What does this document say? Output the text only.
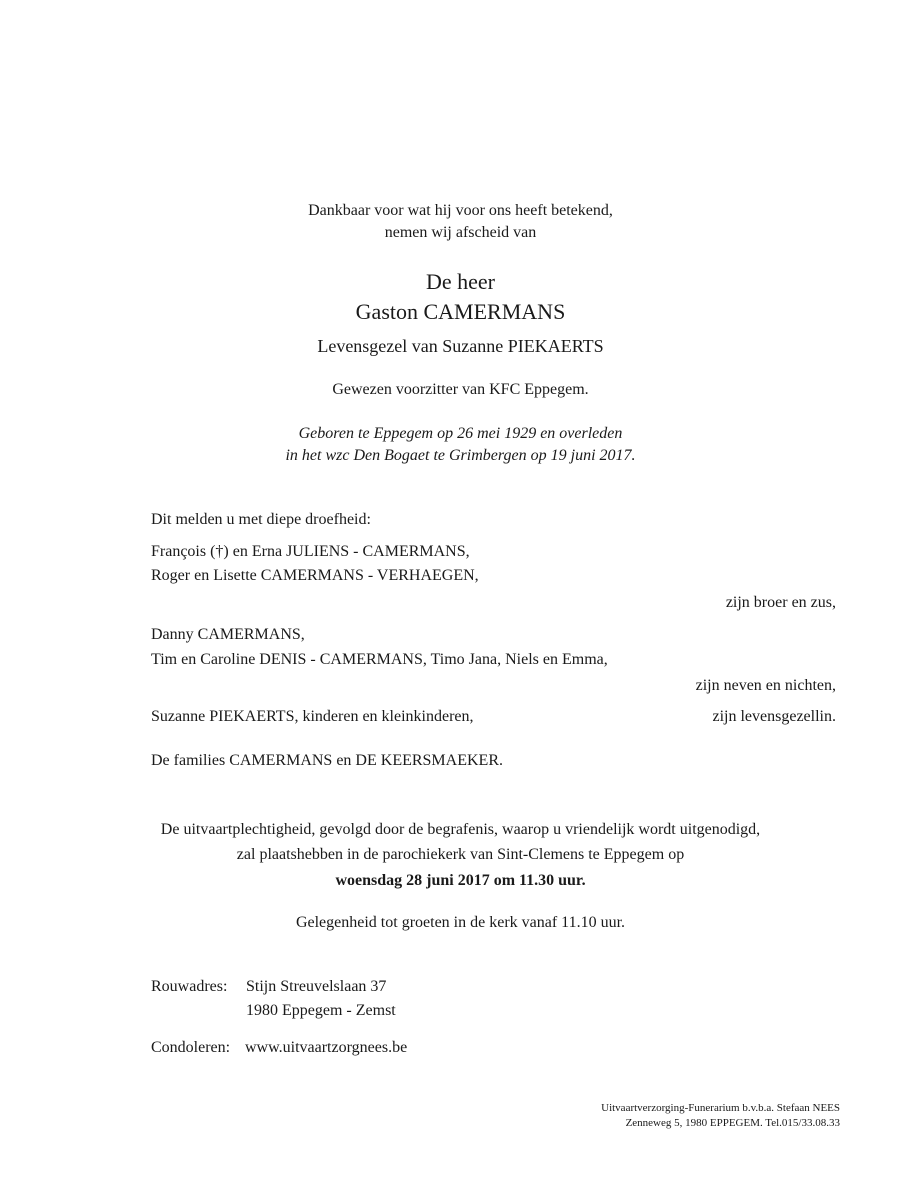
Dankbaar voor wat hij voor ons heeft betekend,
nemen wij afscheid van
De heer
Gaston CAMERMANS
Levensgezel van Suzanne PIEKAERTS
Gewezen voorzitter van KFC Eppegem.
Geboren te Eppegem op 26 mei 1929 en overleden
in het wzc Den Bogaet te Grimbergen op 19 juni 2017.
Dit melden u met diepe droefheid:
François (†) en Erna JULIENS - CAMERMANS,
Roger en Lisette CAMERMANS - VERHAEGEN,
zijn broer en zus,
Danny CAMERMANS,
Tim en Caroline DENIS - CAMERMANS, Timo Jana, Niels en Emma,
zijn neven en nichten,
Suzanne PIEKAERTS, kinderen en kleinkinderen,	zijn levensgezellin.
De families CAMERMANS en DE KEERSMAEKER.
De uitvaartplechtigheid, gevolgd door de begrafenis, waarop u vriendelijk wordt uitgenodigd,
zal plaatshebben in de parochiekerk van Sint-Clemens te Eppegem op
woensdag 28 juni 2017 om 11.30 uur.
Gelegenheid tot groeten in de kerk vanaf 11.10 uur.
Rouwadres: Stijn Streuvelslaan 37
1980 Eppegem - Zemst
Condoleren: www.uitvaartzorgnees.be
Uitvaartverzorging-Funerarium b.v.b.a. Stefaan NEES
Zenneweg 5, 1980 EPPEGEM. Tel.015/33.08.33
